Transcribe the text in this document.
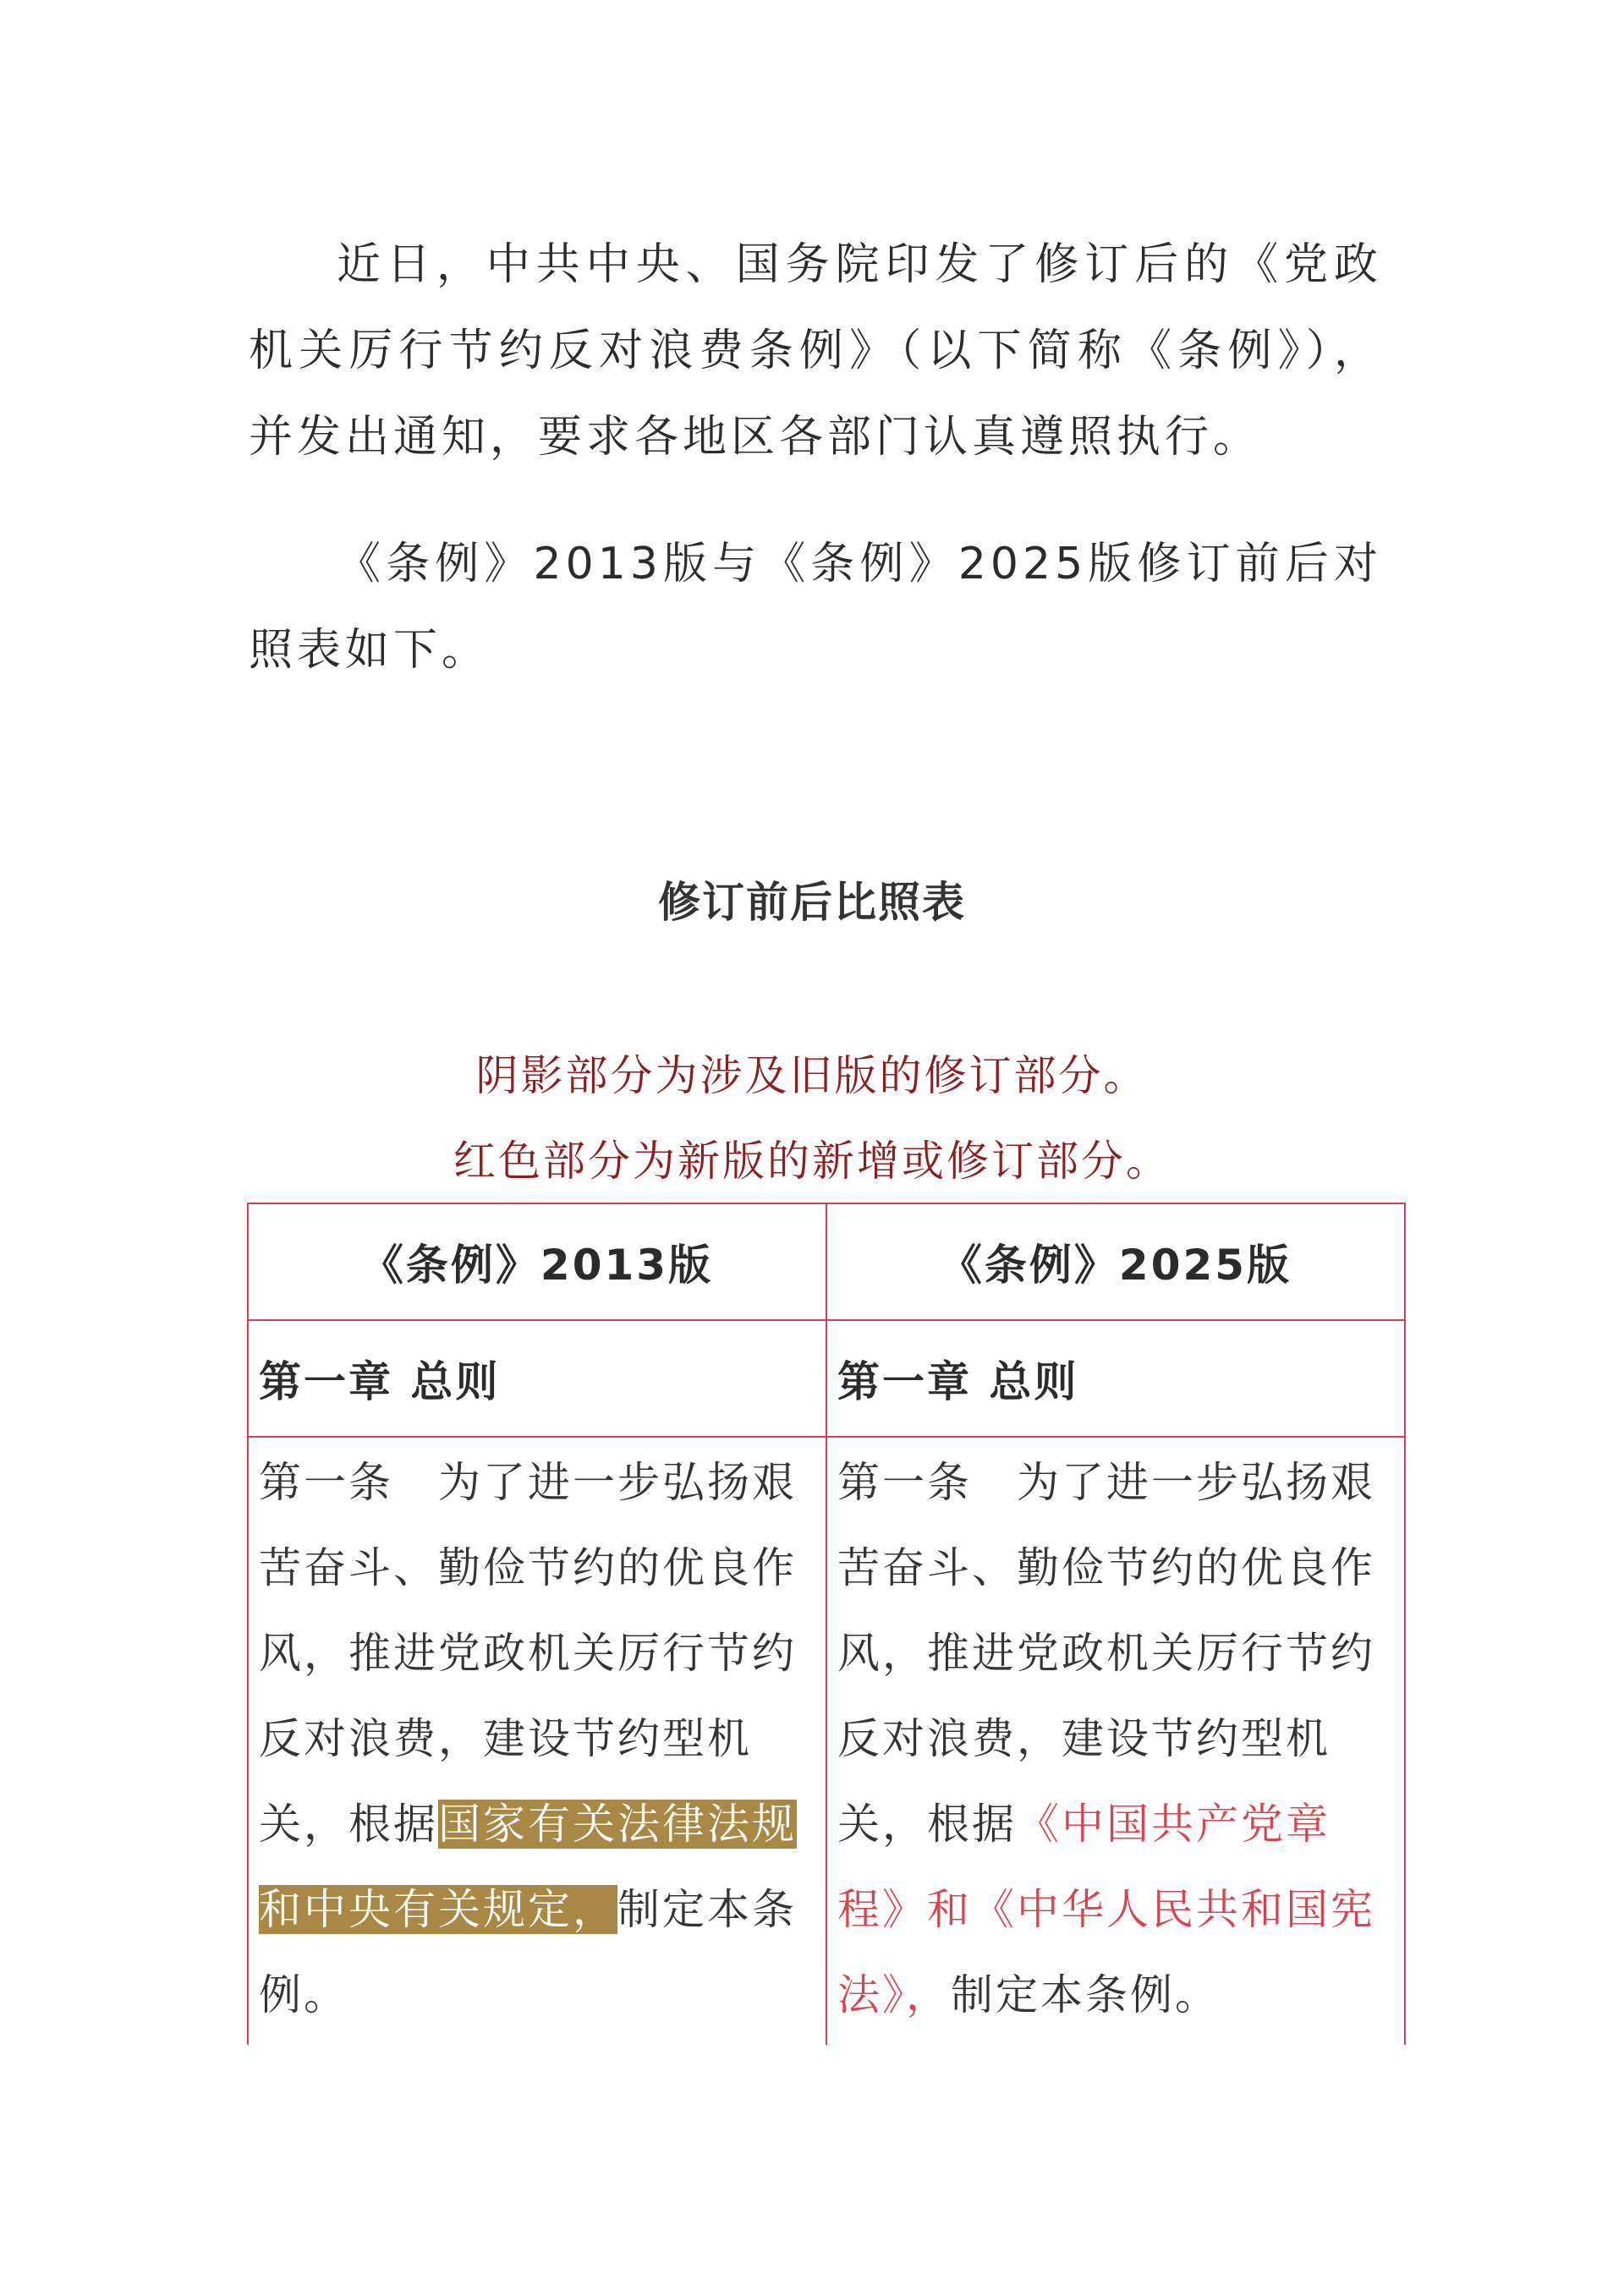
近日，中共中央、国务院印发了修订后的《党政机关厉行节约反对浪费条例》（以下简称《条例》），并发出通知，要求各地区各部门认真遵照执行。

《条例》2013版与《条例》2025版修订前后对照表如下。

修订前后比照表
阴影部分为涉及旧版的修订部分。
红色部分为新版的新增或修订部分。
《条例》2013版	《条例》2025版
第一章 总则	第一章 总则
第一条　为了进一步弘扬艰苦奋斗、勤俭节约的优良作风，推进党政机关厉行节约反对浪费，建设节约型机关，根据国家有关法律法规和中央有关规定，制定本条例。	第一条　为了进一步弘扬艰苦奋斗、勤俭节约的优良作风，推进党政机关厉行节约反对浪费，建设节约型机关，根据《中国共产党章程》和《中华人民共和国宪法》，制定本条例。
